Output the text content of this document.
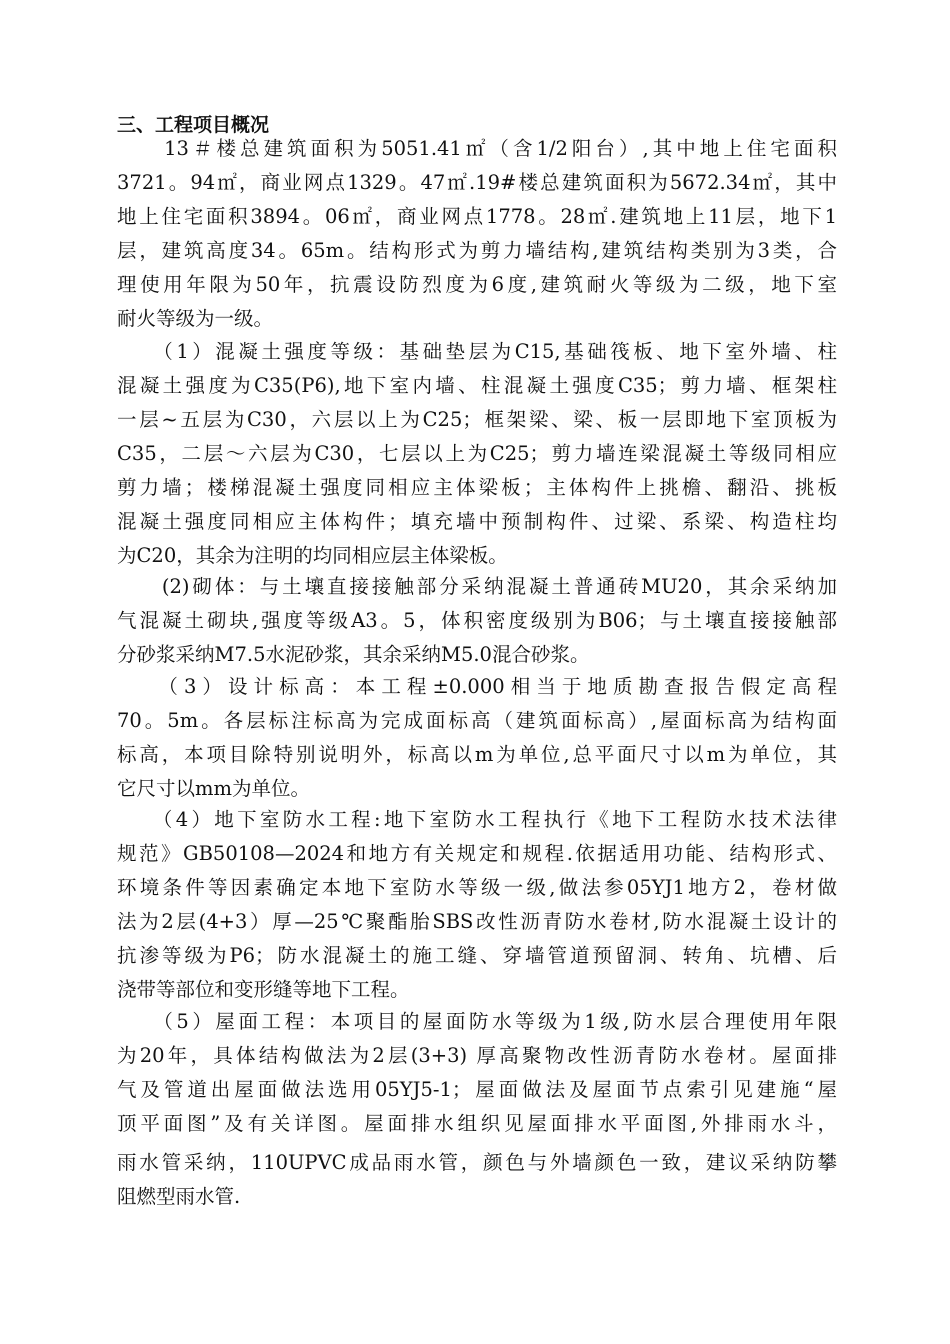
三、工程项目概况
　　13＃楼总建筑面积为5051.41㎡（含1/2阳台）,其中地上住宅面积
3721。94㎡，商业网点1329。47㎡.19#楼总建筑面积为5672.34㎡，其中
地上住宅面积3894。06㎡，商业网点1778。28㎡.建筑地上11层，地下1
层，建筑高度34。65m。结构形式为剪力墙结构,建筑结构类别为3类，合
理使用年限为50年，抗震设防烈度为6度,建筑耐火等级为二级，地下室
耐火等级为一级。
　　（1）混凝土强度等级：基础垫层为C15,基础筏板、地下室外墙、柱
混凝土强度为C35(P6),地下室内墙、柱混凝土强度C35；剪力墙、框架柱
一层~五层为C30，六层以上为C25；框架梁、梁、板一层即地下室顶板为
C35，二层～六层为C30，七层以上为C25；剪力墙连梁混凝土等级同相应
剪力墙；楼梯混凝土强度同相应主体梁板；主体构件上挑檐、翻沿、挑板
混凝土强度同相应主体构件；填充墙中预制构件、过梁、系梁、构造柱均
为C20，其余为注明的均同相应层主体梁板。
　　(2)砌体：与土壤直接接触部分采纳混凝土普通砖MU20，其余采纳加
气混凝土砌块,强度等级A3。5，体积密度级别为B06；与土壤直接接触部
分砂浆采纳M7.5水泥砂浆，其余采纳M5.0混合砂浆。
　　（3）设计标高：本工程±0.000相当于地质勘查报告假定高程
70。5m。各层标注标高为完成面标高（建筑面标高）,屋面标高为结构面
标高，本项目除特别说明外，标高以m为单位,总平面尺寸以m为单位，其
它尺寸以mm为单位。
　　（4）地下室防水工程:地下室防水工程执行《地下工程防水技术法律
规范》GB50108—2024和地方有关规定和规程.依据适用功能、结构形式、
环境条件等因素确定本地下室防水等级一级,做法参05YJ1地方2，卷材做
法为2层(4+3）厚—25℃聚酯胎SBS改性沥青防水卷材,防水混凝土设计的
抗渗等级为P6；防水混凝土的施工缝、穿墙管道预留洞、转角、坑槽、后
浇带等部位和变形缝等地下工程。
　　（5）屋面工程：本项目的屋面防水等级为1级,防水层合理使用年限
为20年，具体结构做法为2层(3+3) 厚高聚物改性沥青防水卷材。屋面排
气及管道出屋面做法选用05YJ5-1；屋面做法及屋面节点索引见建施“屋
顶平面图”及有关详图。屋面排水组织见屋面排水平面图,外排雨水斗，
雨水管采纳，110UPVC成品雨水管，颜色与外墙颜色一致，建议采纳防攀
阻燃型雨水管.
